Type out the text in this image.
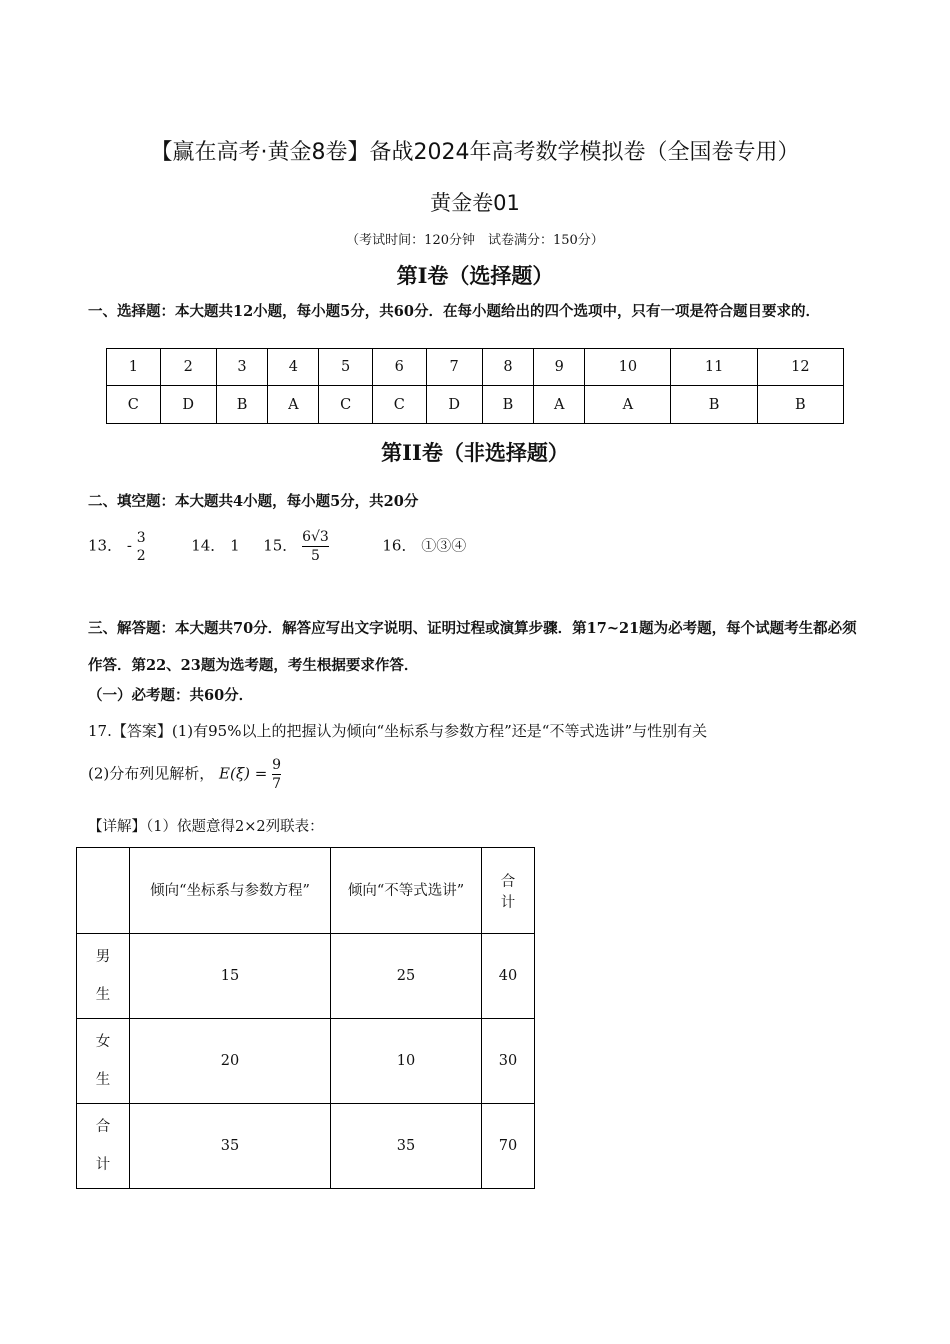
【赢在高考·黄金8卷】备战2024年高考数学模拟卷（全国卷专用）
黄金卷01
（考试时间：120分钟　试卷满分：150分）
第I卷（选择题）
一、选择题：本大题共12小题，每小题5分，共60分．在每小题给出的四个选项中，只有一项是符合题目要求的．
1	2	3	4	5	6	7	8	9	10	11	12
C	D	B	A	C	C	D	B	A	A	B	B
第II卷（非选择题）
二、填空题：本大题共4小题，每小题5分，共20分
13． - 3
2
14． 1 15． $\frac{6√3}{5}$	16． ①③④
三、解答题：本大题共70分．解答应写出文字说明、证明过程或演算步骤．第17~21题为必考题，每个试题考生都必须作答．第22、23题为选考题，考生根据要求作答．
（一）必考题：共60分．
17.【答案】(1)有95%以上的把握认为倾向“坐标系与参数方程”还是“不等式选讲”与性别有关
(2)分布列见解析， $E(\xi) = \frac{9}{7}$
【详解】（1）依题意得2×2列联表：
	倾向“坐标系与参数方程”	倾向“不等式选讲”	合计
男生	15	25	40
女生	20	10	30
合计	35	35	70
